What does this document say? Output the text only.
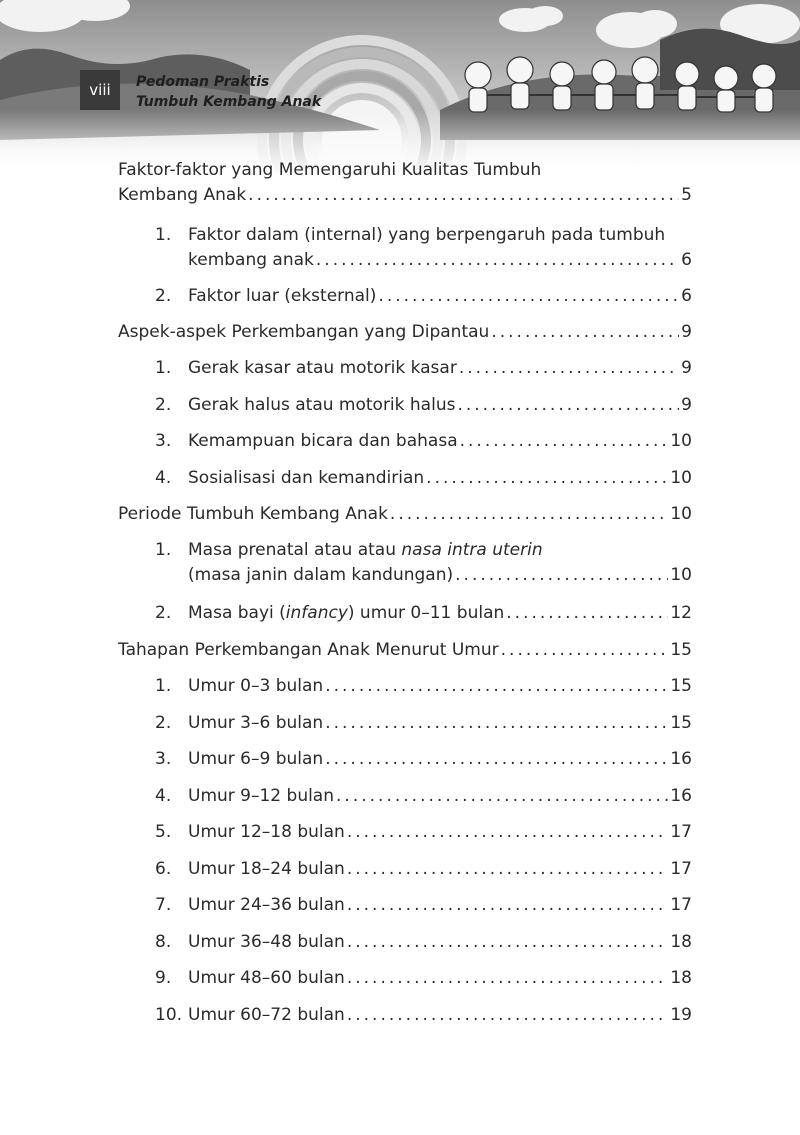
viii	Pedoman Praktis
Tumbuh Kembang Anak
Faktor-faktor yang Memengaruhi Kualitas Tumbuh
Kembang Anak . . .	5
1. Faktor dalam (internal) yang berpengaruh pada tumbuh
kembang anak . . .	6
2. Faktor luar (eksternal) . . .	6
Aspek-aspek Perkembangan yang Dipantau . . .	9
1. Gerak kasar atau motorik kasar . . .	9
2. Gerak halus atau motorik halus . . .	9
3. Kemampuan bicara dan bahasa . . .	10
4. Sosialisasi dan kemandirian . . .	10
Periode Tumbuh Kembang Anak . . .	10
1. Masa prenatal atau atau nasa intra uterin
(masa janin dalam kandungan) . . .	10
2. Masa bayi (infancy) umur 0–11 bulan . . .	12
Tahapan Perkembangan Anak Menurut Umur . . .	15
1. Umur 0–3 bulan . . .	15
2. Umur 3–6 bulan . . .	15
3. Umur 6–9 bulan . . .	16
4. Umur 9–12 bulan . . .	16
5. Umur 12–18 bulan . . .	17
6. Umur 18–24 bulan . . .	17
7. Umur 24–36 bulan . . .	17
8. Umur 36–48 bulan . . .	18
9. Umur 48–60 bulan . . .	18
10. Umur 60–72 bulan . . .	19
